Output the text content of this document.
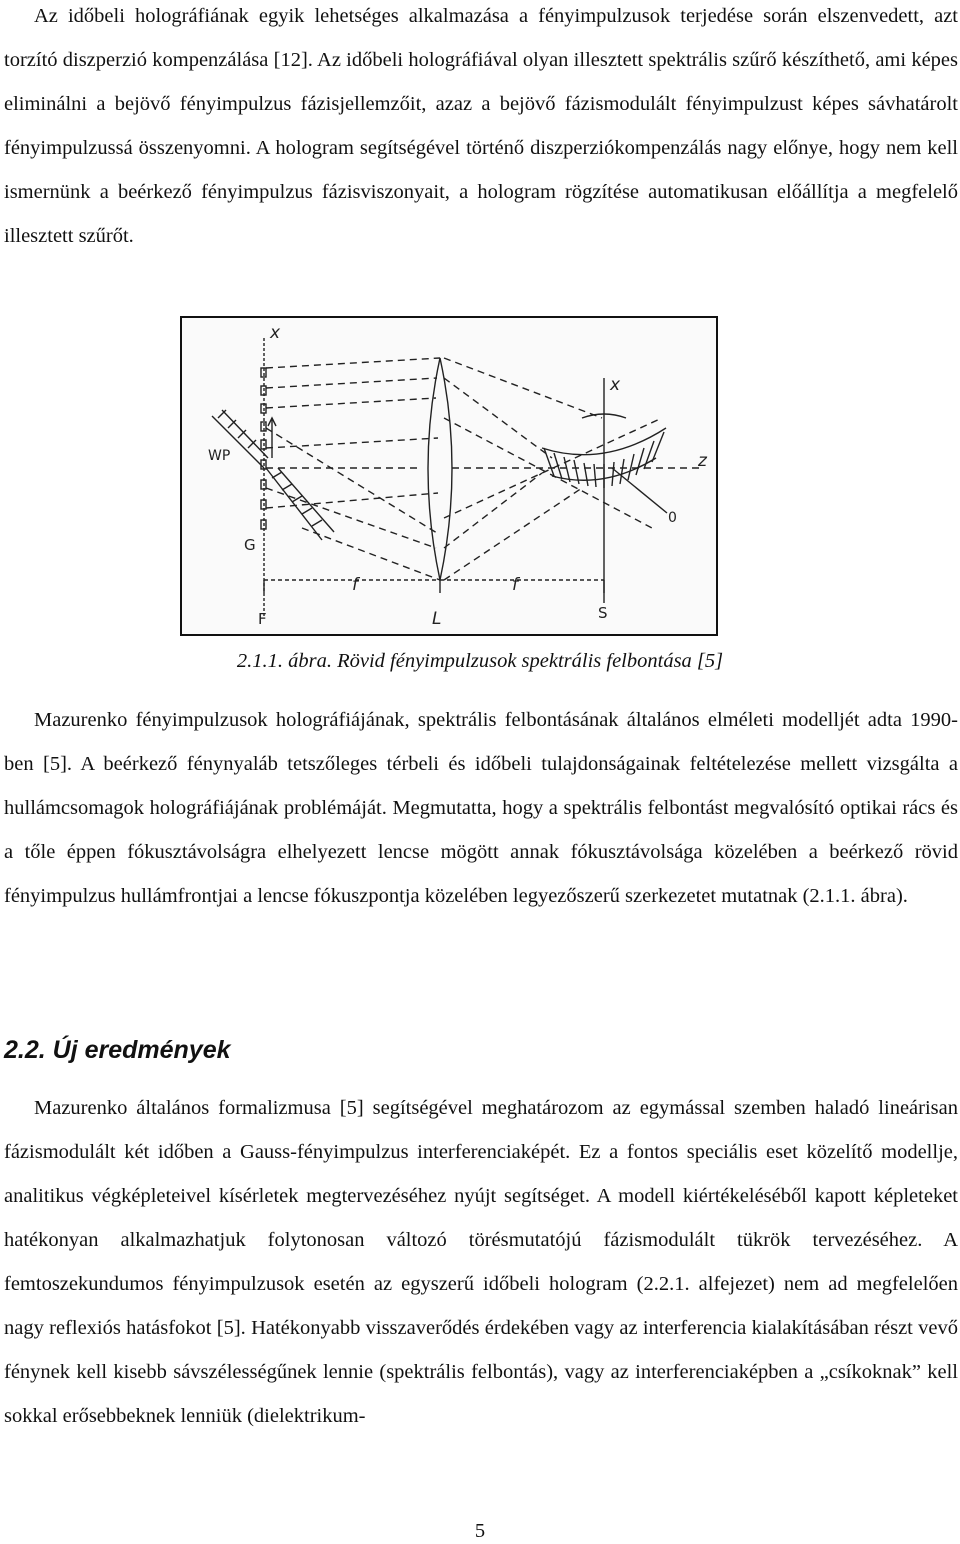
Az időbeli holográfiának egyik lehetséges alkalmazása a fényimpulzusok terjedése során elszenvedett, azt torzító diszperzió kompenzálása [12]. Az időbeli holográfiával olyan illesztett spektrális szűrő készíthető, ami képes eliminálni a bejövő fényimpulzus fázisjellemzőit, azaz a bejövő fázismodulált fényimpulzust képes sávhatárolt fényimpulzussá összenyomni. A hologram segítségével történő diszperziókompenzálás nagy előnye, hogy nem kell ismernünk a beérkező fényimpulzus fázisviszonyait, a hologram rögzítése automatikusan előállítja a megfelelő illesztett szűrőt.

x
x
WP
G
z
0
f	f
F	L	S
2.1.1. ábra. Rövid fényimpulzusok spektrális felbontása [5]

Mazurenko fényimpulzusok holográfiájának, spektrális felbontásának általános elméleti modelljét adta 1990-ben [5]. A beérkező fénynyaláb tetszőleges térbeli és időbeli tulajdonságainak feltételezése mellett vizsgálta a hullámcsomagok holográfiájának problémáját. Megmutatta, hogy a spektrális felbontást megvalósító optikai rács és a tőle éppen fókusztávolságra elhelyezett lencse mögött annak fókusztávolsága közelében a beérkező rövid fényimpulzus hullámfrontjai a lencse fókuszpontja közelében legyezőszerű szerkezetet mutatnak (2.1.1. ábra).

2.2. Új eredmények

Mazurenko általános formalizmusa [5] segítségével meghatározom az egymással szemben haladó lineárisan fázismodulált két időben a Gauss-fényimpulzus interferenciaképét. Ez a fontos speciális eset közelítő modellje, analitikus végképleteivel kísérletek megtervezéséhez nyújt segítséget. A modell kiértékeléséből kapott képleteket hatékonyan alkalmazhatjuk folytonosan változó törésmutatójú fázismodulált tükrök tervezéséhez. A femtoszekundumos fényimpulzusok esetén az egyszerű időbeli hologram (2.2.1. alfejezet) nem ad megfelelően nagy reflexiós hatásfokot [5]. Hatékonyabb visszaverődés érdekében vagy az interferencia kialakításában részt vevő fénynek kell kisebb sávszélességűnek lennie (spektrális felbontás), vagy az interferenciaképben a „csíkoknak” kell sokkal erősebbeknek lenniük (dielektrikum-

5
